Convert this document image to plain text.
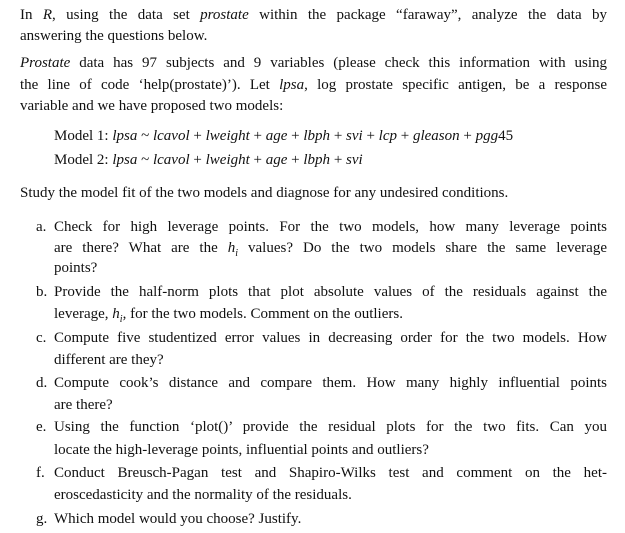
In R, using the data set prostate within the package “faraway”, analyze the data by
answering the questions below.
Prostate data has 97 subjects and 9 variables (please check this information with using
the line of code ‘help(prostate)’). Let lpsa, log prostate specific antigen, be a response
variable and we have proposed two models:
Model 1: lpsa ~ lcavol + lweight + age + lbph + svi + lcp + gleason + pgg45
Model 2: lpsa ~ lcavol + lweight + age + lbph + svi
Study the model fit of the two models and diagnose for any undesired conditions.
a. Check for high leverage points. For the two models, how many leverage points
are there? What are the $h_i$ values? Do the two models share the same leverage
points?
b. Provide the half-norm plots that plot absolute values of the residuals against the
leverage, $h_i$, for the two models. Comment on the outliers.
c. Compute five studentized error values in decreasing order for the two models. How
different are they?
d. Compute cook’s distance and compare them. How many highly influential points
are there?
e. Using the function ‘plot()’ provide the residual plots for the two fits. Can you
locate the high-leverage points, influential points and outliers?
f. Conduct Breusch-Pagan test and Shapiro-Wilks test and comment on the het-
eroscedasticity and the normality of the residuals.
g. Which model would you choose? Justify.
